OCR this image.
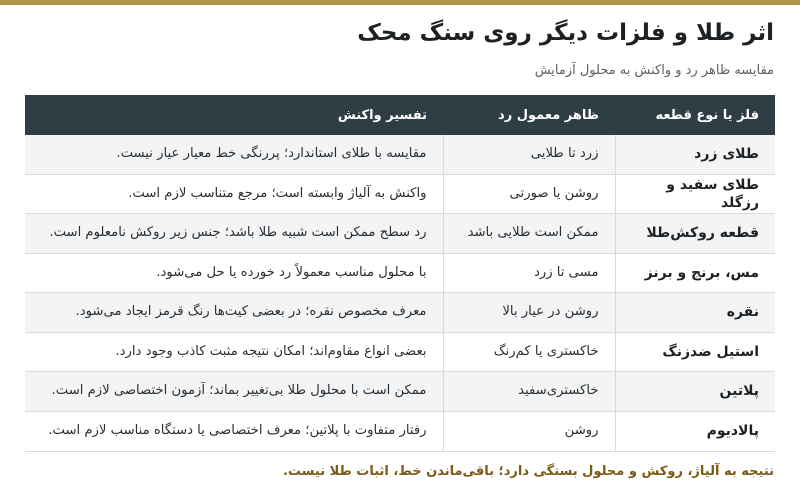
اثر طلا و فلزات دیگر روی سنگ محک

مقایسه ظاهر رد و واکنش به محلول آزمایش

فلز یا نوع قطعه	ظاهر معمول رد	تفسیر واکنش
طلای زرد	زرد تا طلایی	مقایسه با طلای استاندارد؛ پررنگی خط معیار عیار نیست.
طلای سفید و رزگلد	روشن یا صورتی	واکنش به آلیاژ وابسته است؛ مرجع متناسب لازم است.
قطعه روکش‌طلا	ممکن است طلایی باشد	رد سطح ممکن است شبیه طلا باشد؛ جنس زیر روکش نامعلوم است.
مس، برنج و برنز	مسی تا زرد	با محلول مناسب معمولاً رد خورده یا حل می‌شود.
نقره	روشن در عیار بالا	معرف مخصوص نقره؛ در بعضی کیت‌ها رنگ قرمز ایجاد می‌شود.
استیل ضدزنگ	خاکستری یا کم‌رنگ	بعضی انواع مقاوم‌اند؛ امکان نتیجه مثبت کاذب وجود دارد.
پلاتین	خاکستری‌سفید	ممکن است با محلول طلا بی‌تغییر بماند؛ آزمون اختصاصی لازم است.
پالادیوم	روشن	رفتار متفاوت با پلاتین؛ معرف اختصاصی یا دستگاه مناسب لازم است.

نتیجه به آلیاژ، روکش و محلول بستگی دارد؛ باقی‌ماندن خط، اثبات طلا نیست.
